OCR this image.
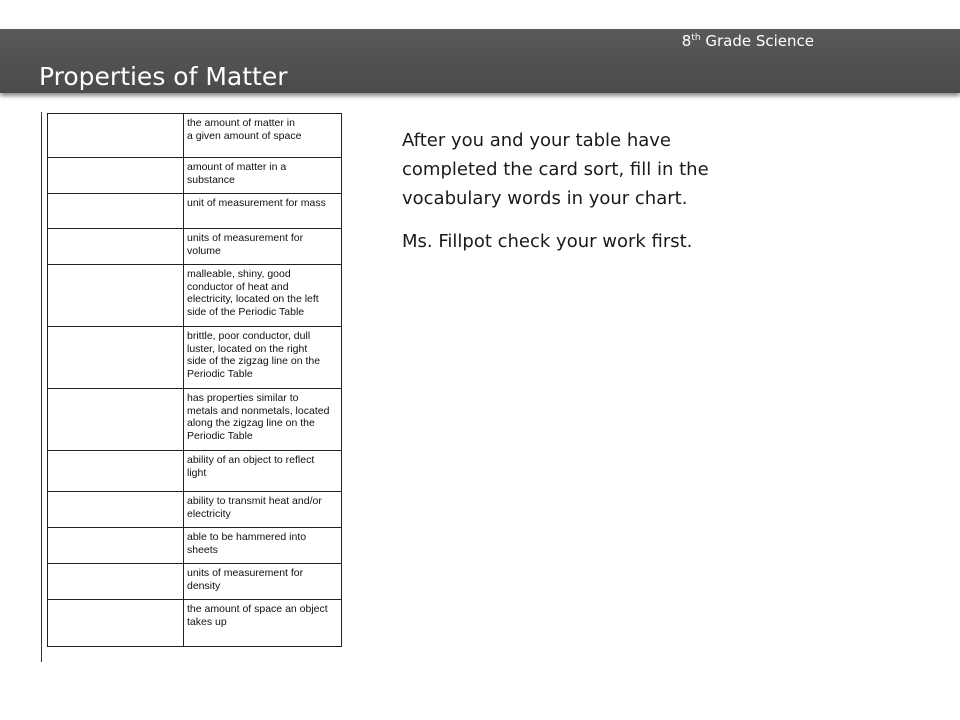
8th Grade Science
Properties of Matter
	the amount of matter in
a given amount of space
	amount of matter in a
substance
	unit of measurement for mass
	units of measurement for
volume
	malleable, shiny, good
conductor of heat and
electricity, located on the left
side of the Periodic Table
	brittle, poor conductor, dull
luster, located on the right
side of the zigzag line on the
Periodic Table
	has properties similar to
metals and nonmetals, located
along the zigzag line on the
Periodic Table
	ability of an object to reflect
light
	ability to transmit heat and/or
electricity
	able to be hammered into
sheets
	units of measurement for
density
	the amount of space an object
takes up

After you and your table have completed the card sort, fill in the vocabulary words in your chart.

Ms. Fillpot check your work first.
